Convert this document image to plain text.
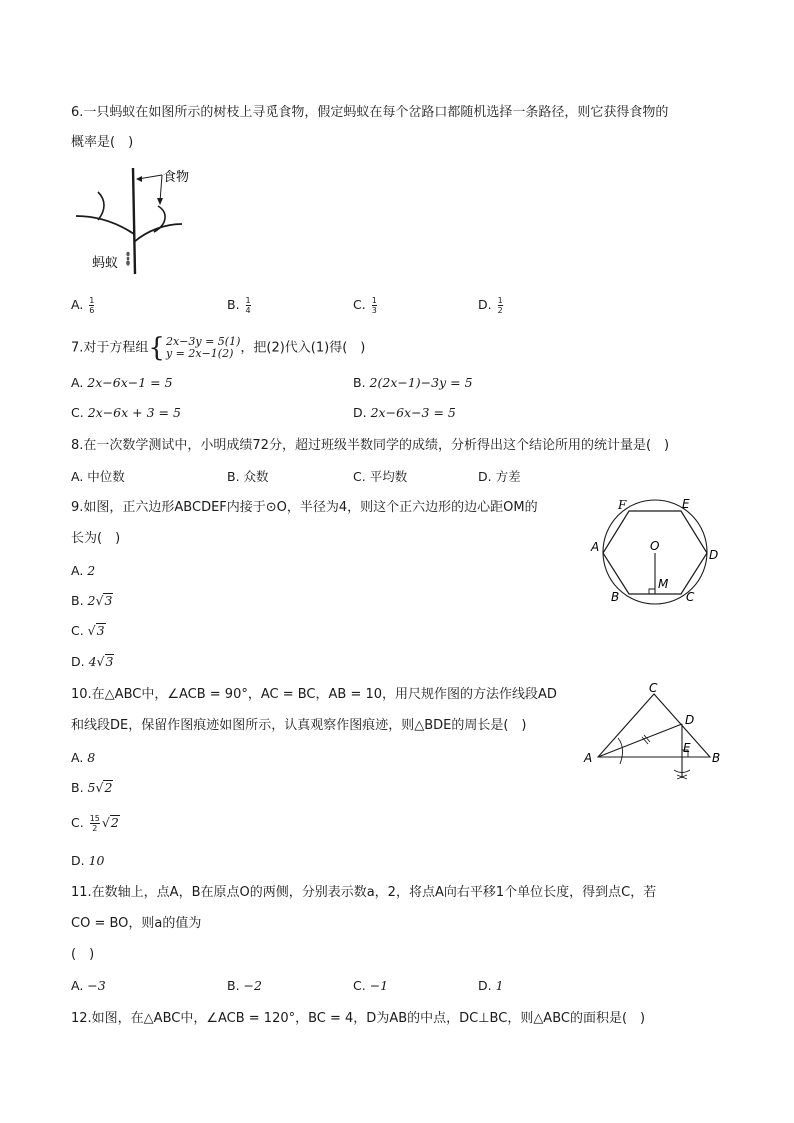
6.一只蚂蚁在如图所示的树枝上寻觅食物，假定蚂蚁在每个岔路口都随机选择一条路径，则它获得食物的
概率是(　)
食物
蚂蚁
A. $\frac{1}{6}$	B. $\frac{1}{4}$	C. $\frac{1}{3}$	D. $\frac{1}{2}$
7.对于方程组 { 2x−3y = 5(1)
y = 2x−1(2) ，把(2)代入(1)得(　)
A. 2x−6x−1 = 5	B. 2(2x−1)−3y = 5
C. 2x−6x + 3 = 5	D. 2x−6x−3 = 5
8.在一次数学测试中，小明成绩72分，超过班级半数同学的成绩，分析得出这个结论所用的统计量是(　)
A. 中位数	B. 众数	C. 平均数	D. 方差
9.如图，正六边形ABCDEF内接于⊙O，半径为4，则这个正六边形的边心距OM的
长为(　)
A. 2
B. 2√3
C. √3
D. 4√3
F	E
A
D
O
M
B	C
10.在△ABC中，∠ACB = 90°，AC = BC，AB = 10，用尺规作图的方法作线段AD
和线段DE，保留作图痕迹如图所示，认真观察作图痕迹，则△BDE的周长是(　)
A. 8
B. 5√2
C. $\frac{15}{2} √2$
D. 10
C
D
A
E
B
11.在数轴上，点A，B在原点O的两侧，分别表示数a，2，将点A向右平移1个单位长度，得到点C，若
CO = BO，则a的值为
(　)
A. −3	B. −2	C. −1	D. 1
12.如图，在△ABC中，∠ACB = 120°，BC = 4，D为AB的中点，DC⊥BC，则△ABC的面积是(　)
